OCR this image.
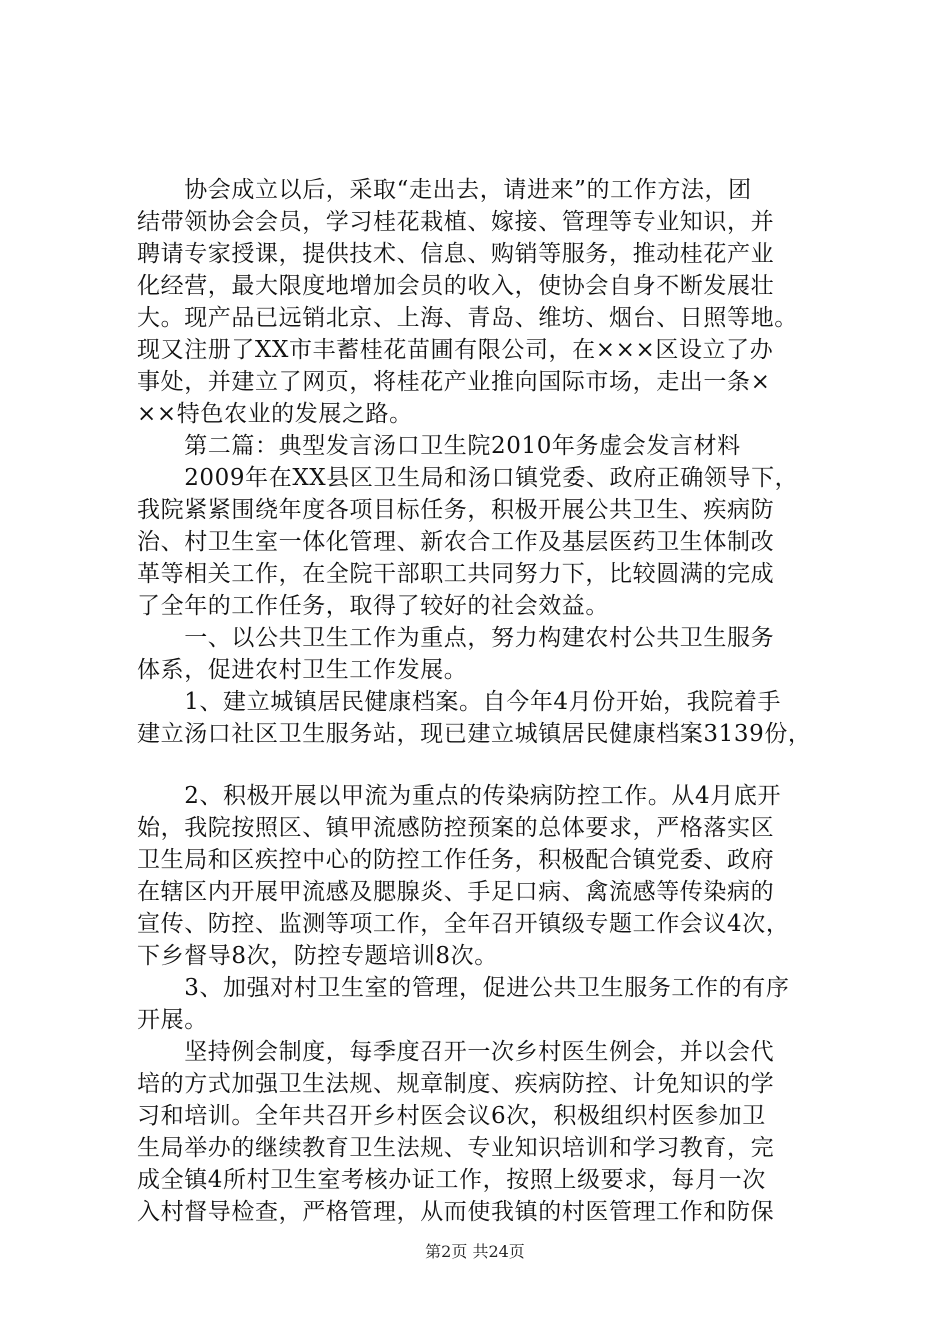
　　协会成立以后，采取“走出去，请进来”的工作方法，团
结带领协会会员，学习桂花栽植、嫁接、管理等专业知识，并
聘请专家授课，提供技术、信息、购销等服务，推动桂花产业
化经营，最大限度地增加会员的收入，使协会自身不断发展壮
大。现产品已远销北京、上海、青岛、维坊、烟台、日照等地。
现又注册了XX市丰蓄桂花苗圃有限公司，在×××区设立了办
事处，并建立了网页，将桂花产业推向国际市场，走出一条×
××特色农业的发展之路。
　　第二篇：典型发言汤口卫生院2010年务虚会发言材料
　　2009年在XX县区卫生局和汤口镇党委、政府正确领导下，
我院紧紧围绕年度各项目标任务，积极开展公共卫生、疾病防
治、村卫生室一体化管理、新农合工作及基层医药卫生体制改
革等相关工作，在全院干部职工共同努力下，比较圆满的完成
了全年的工作任务，取得了较好的社会效益。
　　一、以公共卫生工作为重点，努力构建农村公共卫生服务
体系，促进农村卫生工作发展。
　　1、建立城镇居民健康档案。自今年4月份开始，我院着手
建立汤口社区卫生服务站，现已建立城镇居民健康档案3139份，
　　2、积极开展以甲流为重点的传染病防控工作。从4月底开
始，我院按照区、镇甲流感防控预案的总体要求，严格落实区
卫生局和区疾控中心的防控工作任务，积极配合镇党委、政府
在辖区内开展甲流感及腮腺炎、手足口病、禽流感等传染病的
宣传、防控、监测等项工作，全年召开镇级专题工作会议4次，
下乡督导8次，防控专题培训8次。
　　3、加强对村卫生室的管理，促进公共卫生服务工作的有序
开展。
　　坚持例会制度，每季度召开一次乡村医生例会，并以会代
培的方式加强卫生法规、规章制度、疾病防控、计免知识的学
习和培训。全年共召开乡村医会议6次，积极组织村医参加卫
生局举办的继续教育卫生法规、专业知识培训和学习教育，完
成全镇4所村卫生室考核办证工作，按照上级要求，每月一次
入村督导检查，严格管理，从而使我镇的村医管理工作和防保
第2页 共24页
